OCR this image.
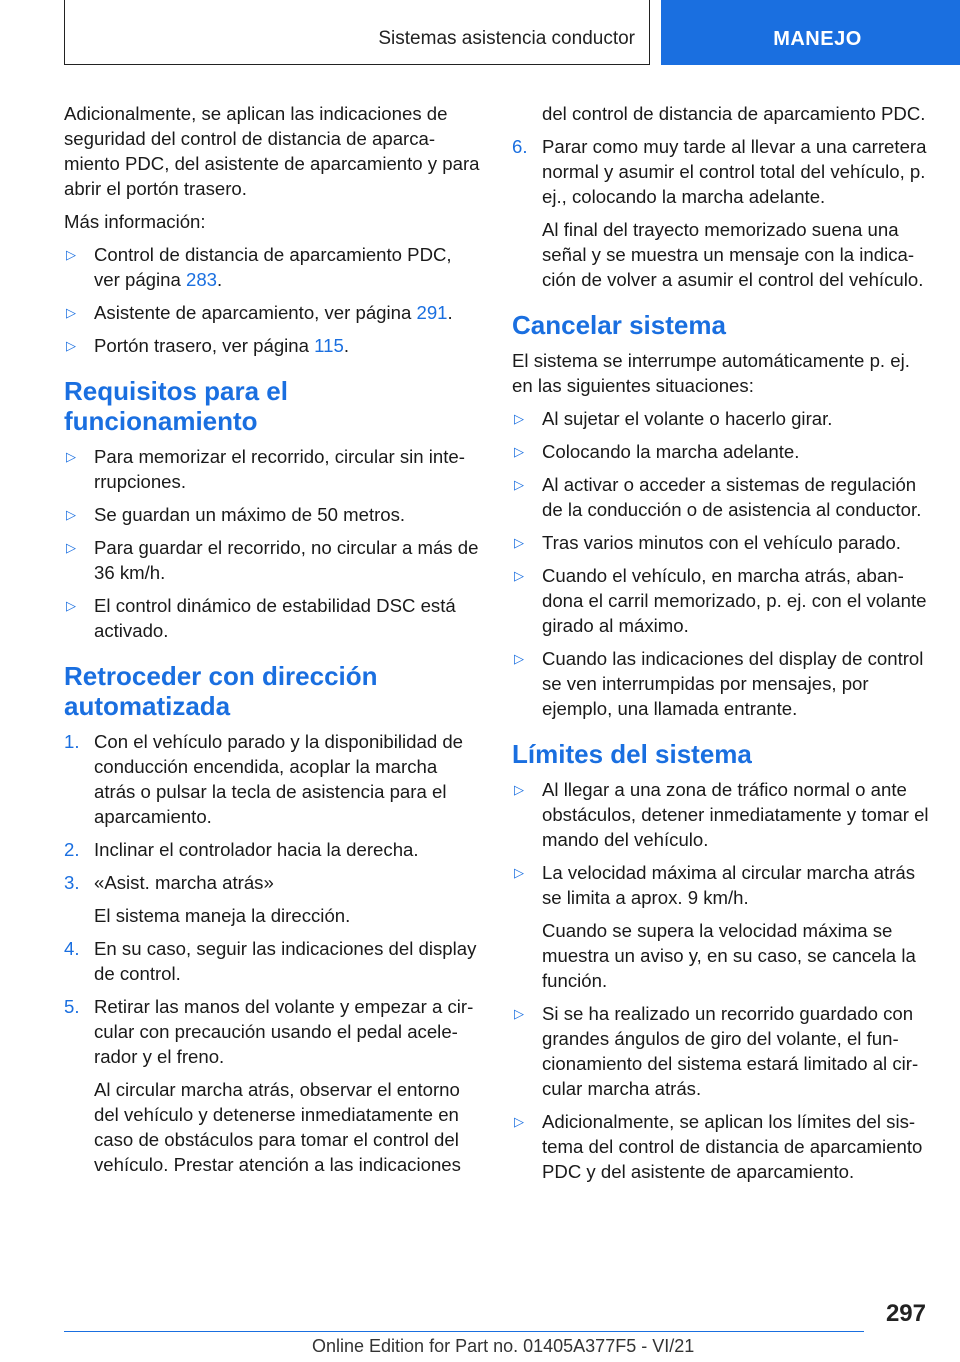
Sistemas asistencia conductor	MANEJO

Adicionalmente, se aplican las indicaciones de seguridad del control de distancia de aparcamiento PDC, del asistente de aparcamiento y para abrir el portón trasero.

Más información:

▷ Control de distancia de aparcamiento PDC, ver página 283.
▷ Asistente de aparcamiento, ver página 291.
▷ Portón trasero, ver página 115.
Requisitos para el funcionamiento
▷ Para memorizar el recorrido, circular sin interrupciones.
▷ Se guardan un máximo de 50 metros.
▷ Para guardar el recorrido, no circular a más de 36 km/h.
▷ El control dinámico de estabilidad DSC está activado.
Retroceder con dirección automatizada
1. Con el vehículo parado y la disponibilidad de conducción encendida, acoplar la marcha atrás o pulsar la tecla de asistencia para el aparcamiento.
2. Inclinar el controlador hacia la derecha.
3. «Asist. marcha atrás»

El sistema maneja la dirección.

4. En su caso, seguir las indicaciones del display de control.
5. Retirar las manos del volante y empezar a circular con precaución usando el pedal acelerador y el freno.

Al circular marcha atrás, observar el entorno del vehículo y detenerse inmediatamente en caso de obstáculos para tomar el control del vehículo. Prestar atención a las indicaciones

del control de distancia de aparcamiento PDC.

6. Parar como muy tarde al llevar a una carretera normal y asumir el control total del vehículo, p. ej., colocando la marcha adelante.

Al final del trayecto memorizado suena una señal y se muestra un mensaje con la indicación de volver a asumir el control del vehículo.

Cancelar sistema

El sistema se interrumpe automáticamente p. ej. en las siguientes situaciones:

▷ Al sujetar el volante o hacerlo girar.
▷ Colocando la marcha adelante.
▷ Al activar o acceder a sistemas de regulación de la conducción o de asistencia al conductor.
▷ Tras varios minutos con el vehículo parado.
▷ Cuando el vehículo, en marcha atrás, abandona el carril memorizado, p. ej. con el volante girado al máximo.
▷ Cuando las indicaciones del display de control se ven interrumpidas por mensajes, por ejemplo, una llamada entrante.
Límites del sistema
▷ Al llegar a una zona de tráfico normal o ante obstáculos, detener inmediatamente y tomar el mando del vehículo.
▷ La velocidad máxima al circular marcha atrás se limita a aprox. 9 km/h.

Cuando se supera la velocidad máxima se muestra un aviso y, en su caso, se cancela la función.

▷ Si se ha realizado un recorrido guardado con grandes ángulos de giro del volante, el funcionamiento del sistema estará limitado al circular marcha atrás.
▷ Adicionalmente, se aplican los límites del sistema del control de distancia de aparcamiento PDC y del asistente de aparcamiento.
297
Online Edition for Part no. 01405A377F5 - VI/21
